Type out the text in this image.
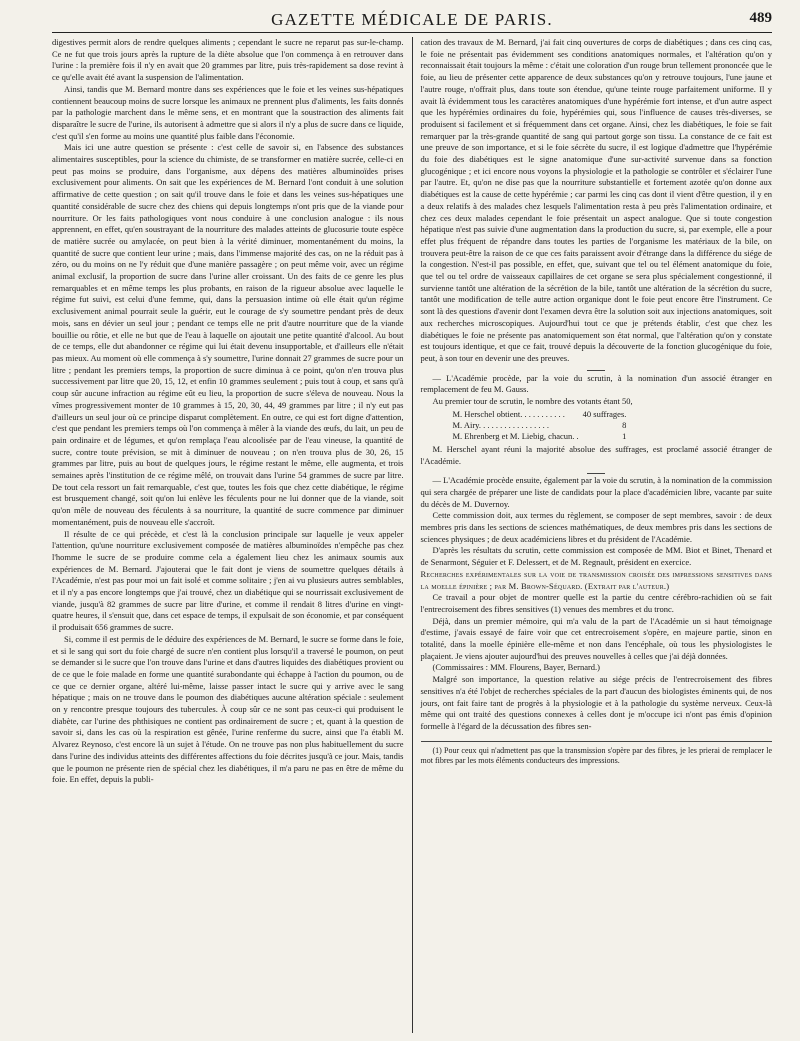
GAZETTE MÉDICALE DE PARIS.	489

digestives permit alors de rendre quelques aliments ; cependant le sucre ne reparut pas sur-le-champ. Ce ne fut que trois jours après la rupture de la diète absolue que l'on commença à en retrouver dans l'urine : la première fois il n'y en avait que 20 grammes par litre, puis très-rapidement sa dose revint à ce qu'elle avait été avant la suspension de l'alimentation.

Ainsi, tandis que M. Bernard montre dans ses expériences que le foie et les veines sus-hépatiques contiennent beaucoup moins de sucre lorsque les animaux ne prennent plus d'aliments, les faits donnés par la pathologie marchent dans le même sens, et en montrant que la soustraction des aliments fait disparaître le sucre de l'urine, ils autorisent à admettre que si alors il n'y a plus de sucre dans ce liquide, c'est qu'il s'en forme au moins une quantité plus faible dans l'économie.

Mais ici une autre question se présente : c'est celle de savoir si, en l'absence des substances alimentaires susceptibles, pour la science du chimiste, de se transformer en matière sucrée, celle-ci en peut pas moins se produire, dans l'organisme, aux dépens des matières albuminoïdes prises exclusivement pour aliments. On sait que les expériences de M. Bernard l'ont conduit à une solution affirmative de cette question ; on sait qu'il trouve dans le foie et dans les veines sus-hépatiques une quantité considérable de sucre chez des chiens qui depuis longtemps n'ont pris que de la viande pour nourriture. Or les faits pathologiques vont nous conduire à une conclusion analogue : ils nous apprennent, en effet, qu'en soustrayant de la nourriture des malades atteints de glucosurie toute espèce de matière sucrée ou amylacée, on peut bien à la vérité diminuer, momentanément du moins, la quantité de sucre que contient leur urine ; mais, dans l'immense majorité des cas, on ne la réduit pas à zéro, ou du moins on ne l'y réduit que d'une manière passagère ; on peut même voir, avec un régime animal exclusif, la proportion de sucre dans l'urine aller croissant. Un des faits de ce genre les plus remarquables et en même temps les plus probants, en raison de la rigueur absolue avec laquelle le régime fut suivi, est celui d'une femme, qui, dans la persuasion intime où elle était qu'un régime exclusivement animal pourrait seule la guérir, eut le courage de s'y soumettre pendant près de deux mois, sans en dévier un seul jour ; pendant ce temps elle ne prit d'autre nourriture que de la viande bouillie ou rôtie, et elle ne but que de l'eau à laquelle on ajoutait une petite quantité d'alcool. Au bout de ce temps, elle dut abandonner ce régime qui lui était devenu insupportable, et d'ailleurs elle n'était pas mieux. Au moment où elle commença à s'y soumettre, l'urine donnait 27 grammes de sucre pour un litre ; pendant les premiers temps, la proportion de sucre diminua à ce point, qu'on n'en trouva plus successivement par litre que 20, 15, 12, et enfin 10 grammes seulement ; puis tout à coup, et sans qu'à coup sûr aucune infraction au régime eût eu lieu, la proportion de sucre s'éleva de nouveau. Nous la vîmes progressivement monter de 10 grammes à 15, 20, 30, 44, 49 grammes par litre ; il n'y eut pas d'ailleurs un seul jour où ce principe disparut complètement. En outre, ce qui est fort digne d'attention, c'est que pendant les premiers temps où l'on commença à mêler à la viande des œufs, du lait, un peu de pain ordinaire et de légumes, et qu'on remplaça l'eau alcoolisée par de l'eau vineuse, la quantité de sucre, contre toute prévision, se mit à diminuer de nouveau ; on n'en trouva plus de 30, 26, 15 grammes par litre, puis au bout de quelques jours, le régime restant le même, elle augmenta, et trois semaines après l'institution de ce régime mêlé, on trouvait dans l'urine 54 grammes de sucre par litre. De tout cela ressort un fait remarquable, c'est que, toutes les fois que chez cette diabétique, le régime est brusquement changé, soit qu'on lui enlève les féculents pour ne lui donner que de la viande, soit qu'on mêle de nouveau des féculents à sa nourriture, la quantité de sucre commence par diminuer momentanément, puis de nouveau elle s'accroît.

Il résulte de ce qui précède, et c'est là la conclusion principale sur laquelle je veux appeler l'attention, qu'une nourriture exclusivement composée de matières albuminoïdes n'empêche pas chez l'homme le sucre de se produire comme cela a également lieu chez les animaux soumis aux expériences de M. Bernard. J'ajouterai que le fait dont je viens de soumettre quelques détails à l'Académie, n'est pas pour moi un fait isolé et comme solitaire ; j'en ai vu plusieurs autres semblables, et il n'y a pas encore longtemps que j'ai trouvé, chez un diabétique qui se nourrissait exclusivement de viande, jusqu'à 82 grammes de sucre par litre d'urine, et comme il rendait 8 litres d'urine en vingt-quatre heures, il s'ensuit que, dans cet espace de temps, il expulsait de son économie, et par conséquent il produisait 656 grammes de sucre.

Si, comme il est permis de le déduire des expériences de M. Bernard, le sucre se forme dans le foie, et si le sang qui sort du foie chargé de sucre n'en contient plus lorsqu'il a traversé le poumon, on peut se demander si le sucre que l'on trouve dans l'urine et dans d'autres liquides des diabétiques provient ou de ce que le foie malade en forme une quantité surabondante qui échappe à l'action du poumon, ou de ce que ce dernier organe, altéré lui-même, laisse passer intact le sucre qui y arrive avec le sang hépatique ; mais on ne trouve dans le poumon des diabétiques aucune altération spéciale : seulement on y rencontre presque toujours des tubercules. À coup sûr ce ne sont pas ceux-ci qui produisent le diabète, car l'urine des phthisiques ne contient pas ordinairement de sucre ; et, quant à la question de savoir si, dans les cas où la respiration est gênée, l'urine renferme du sucre, ainsi que l'a établi M. Alvarez Reynoso, c'est encore là un sujet à l'étude. On ne trouve pas non plus habituellement du sucre dans l'urine des individus atteints des différentes affections du foie décrites jusqu'à ce jour. Mais, tandis que le poumon ne présente rien de spécial chez les diabétiques, il m'a paru ne pas en être de même du foie. En effet, depuis la publi-

cation des travaux de M. Bernard, j'ai fait cinq ouvertures de corps de diabétiques ; dans ces cinq cas, le foie ne présentait pas évidemment ses conditions anatomiques normales, et l'altération qu'on y reconnaissait était toujours la même : c'était une coloration d'un rouge brun tellement prononcée que le foie, au lieu de présenter cette apparence de deux substances qu'on y retrouve toujours, l'une jaune et l'autre rouge, n'offrait plus, dans toute son étendue, qu'une teinte rouge parfaitement uniforme. Il y avait là évidemment tous les caractères anatomiques d'une hypérémie fort intense, et d'un autre aspect que les hypérémies ordinaires du foie, hypérémies qui, sous l'influence de causes très-diverses, se produisent si facilement et si fréquemment dans cet organe. Ainsi, chez les diabétiques, le foie se fait remarquer par la très-grande quantité de sang qui partout gorge son tissu. La constance de ce fait est une preuve de son importance, et si le foie sécrète du sucre, il est logique d'admettre que l'hypérémie du foie des diabétiques est le signe anatomique d'une sur-activité survenue dans sa fonction glucogénique ; et ici encore nous voyons la physiologie et la pathologie se contrôler et s'éclairer l'une par l'autre. Et, qu'on ne dise pas que la nourriture substantielle et fortement azotée qu'on donne aux diabétiques est la cause de cette hypérémie ; car parmi les cinq cas dont il vient d'être question, il y en a deux relatifs à des malades chez lesquels l'alimentation resta à peu près l'alimentation ordinaire, et chez ces deux malades cependant le foie présentait un aspect analogue. Que si toute congestion hépatique n'est pas suivie d'une augmentation dans la production du sucre, si, par exemple, elle a pour effet plus fréquent de répandre dans toutes les parties de l'organisme les matériaux de la bile, on trouvera peut-être la raison de ce que ces faits paraissent avoir d'étrange dans la différence du siége de la congestion. N'est-il pas possible, en effet, que, suivant que tel ou tel élément anatomique du foie, que tel ou tel ordre de vaisseaux capillaires de cet organe se sera plus spécialement congestionné, il survienne tantôt une altération de la sécrétion de la bile, tantôt une altération de la sécrétion du sucre, tantôt une modification de telle autre action organique dont le foie peut encore être l'instrument. Ce sont là des questions d'avenir dont l'examen devra être la solution soit aux injections anatomiques, soit aux recherches microscopiques. Aujourd'hui tout ce que je prétends établir, c'est que chez les diabétiques le foie ne présente pas anatomiquement son état normal, que l'altération qu'on y constate est toujours identique, et que ce fait, trouvé depuis la découverte de la fonction glucogénique du foie, peut, à son tour en devenir une des preuves.

— L'Académie procède, par la voie du scrutin, à la nomination d'un associé étranger en remplacement de feu M. Gauss.

Au premier tour de scrutin, le nombre des votants étant 50,

M. Herschel obtient. . . . . . . . . . .	40 suffrages.
M. Airy. . . . . . . . . . . . . . . . .	8
M. Ehrenberg et M. Liebig, chacun. .	1

M. Herschel ayant réuni la majorité absolue des suffrages, est proclamé associé étranger de l'Académie.

— L'Académie procède ensuite, également par la voie du scrutin, à la nomination de la commission qui sera chargée de préparer une liste de candidats pour la place d'académicien libre, vacante par suite du décès de M. Duvernoy.

Cette commission doit, aux termes du règlement, se composer de sept membres, savoir : de deux membres pris dans les sections de sciences mathématiques, de deux membres pris dans les sections de sciences physiques ; de deux académiciens libres et du président de l'Académie.

D'après les résultats du scrutin, cette commission est composée de MM. Biot et Binet, Thenard et de Senarmont, Séguier et F. Delessert, et de M. Regnault, président en exercice.

Recherches expérimentales sur la voie de transmission croisée des impressions sensitives dans la moelle épinière ; par M. Brown-Séquard. (Extrait par l'auteur.)

Ce travail a pour objet de montrer quelle est la partie du centre cérébro-rachidien où se fait l'entrecroisement des fibres sensitives (1) venues des membres et du tronc.

Déjà, dans un premier mémoire, qui m'a valu de la part de l'Académie un si haut témoignage d'estime, j'avais essayé de faire voir que cet entrecroisement s'opère, en majeure partie, sinon en totalité, dans la moelle épinière elle-même et non dans l'encéphale, où tous les physiologistes le plaçaient. Je viens ajouter aujourd'hui des preuves nouvelles à celles que j'ai déjà données.

(Commissaires : MM. Flourens, Bayer, Bernard.)

Malgré son importance, la question relative au siége précis de l'entrecroisement des fibres sensitives n'a été l'objet de recherches spéciales de la part d'aucun des biologistes éminents qui, de nos jours, ont fait faire tant de progrès à la physiologie et à la pathologie du système nerveux. Ceux-là même qui ont traité des questions connexes à celles dont je m'occupe ici n'ont pas émis d'opinion formelle à l'égard de la décussation des fibres sen-

(1) Pour ceux qui n'admettent pas que la transmission s'opère par des fibres, je les prierai de remplacer le mot fibres par les mots éléments conducteurs des impressions.
